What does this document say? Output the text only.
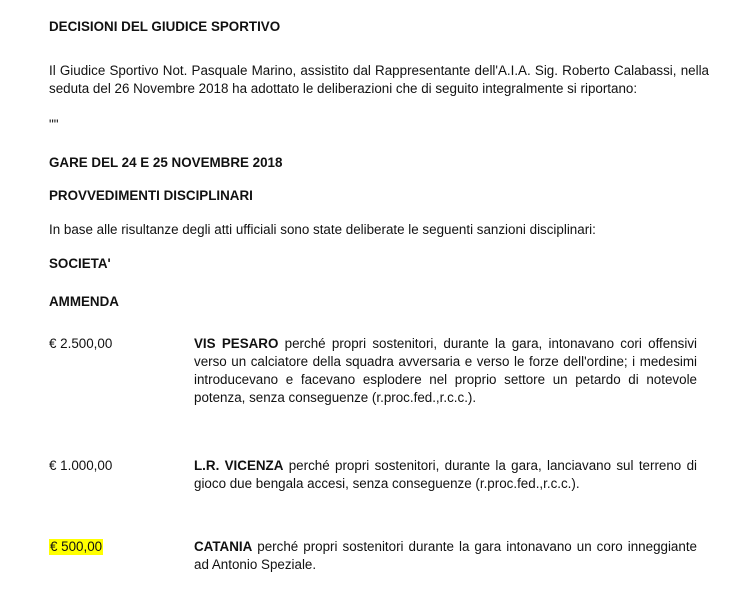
DECISIONI DEL GIUDICE SPORTIVO
Il Giudice Sportivo Not. Pasquale Marino, assistito dal Rappresentante dell'A.I.A. Sig. Roberto Calabassi, nella seduta del 26 Novembre 2018 ha adottato le deliberazioni che di seguito integralmente si riportano:
""
GARE DEL 24 E 25 NOVEMBRE 2018
PROVVEDIMENTI DISCIPLINARI
In base alle risultanze degli atti ufficiali sono state deliberate le seguenti sanzioni disciplinari:
SOCIETA'
AMMENDA
€ 2.500,00	VIS PESARO perché propri sostenitori, durante la gara, intonavano cori offensivi verso un calciatore della squadra avversaria e verso le forze dell'ordine; i medesimi introducevano e facevano esplodere nel proprio settore un petardo di notevole potenza, senza conseguenze (r.proc.fed.,r.c.c.).
€ 1.000,00	L.R. VICENZA perché propri sostenitori, durante la gara, lanciavano sul terreno di gioco due bengala accesi, senza conseguenze (r.proc.fed.,r.c.c.).
€ 500,00	CATANIA perché propri sostenitori durante la gara intonavano un coro inneggiante ad Antonio Speziale.
